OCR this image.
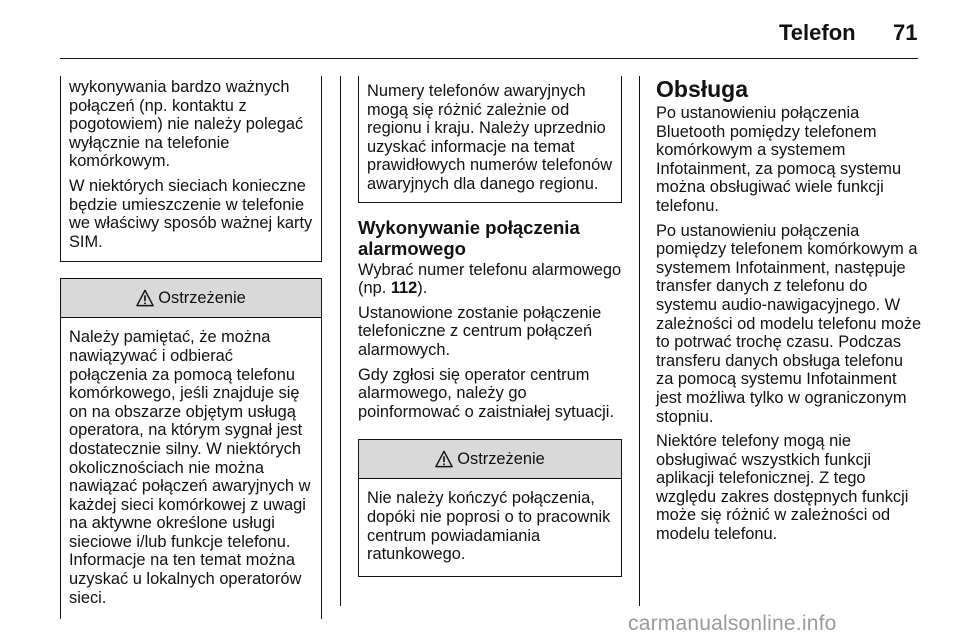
Telefon 71

wykonywania bardzo ważnych połączeń (np. kontaktu z pogotowiem) nie należy polegać wyłącznie na telefonie komórkowym.

W niektórych sieciach konieczne będzie umieszczenie w telefonie we właściwy sposób ważnej karty SIM.

Ostrzeżenie

Należy pamiętać, że można nawiązywać i odbierać połączenia za pomocą telefonu komórkowego, jeśli znajduje się on na obszarze objętym usługą operatora, na którym sygnał jest dostatecznie silny. W niektórych okolicznościach nie można nawiązać połączeń awaryjnych w każdej sieci komórkowej z uwagi na aktywne określone usługi sieciowe i/lub funkcje telefonu. Informacje na ten temat można uzyskać u lokalnych operatorów sieci.

Numery telefonów awaryjnych mogą się różnić zależnie od regionu i kraju. Należy uprzednio uzyskać informacje na temat prawidłowych numerów telefonów awaryjnych dla danego regionu.

Wykonywanie połączenia alarmowego

Wybrać numer telefonu alarmowego (np. 112).

Ustanowione zostanie połączenie telefoniczne z centrum połączeń alarmowych.

Gdy zgłosi się operator centrum alarmowego, należy go poinformować o zaistniałej sytuacji.

Ostrzeżenie

Nie należy kończyć połączenia, dopóki nie poprosi o to pracownik centrum powiadamiania ratunkowego.

Obsługa

Po ustanowieniu połączenia Bluetooth pomiędzy telefonem komórkowym a systemem Infotainment, za pomocą systemu można obsługiwać wiele funkcji telefonu.

Po ustanowieniu połączenia pomiędzy telefonem komórkowym a systemem Infotainment, następuje transfer danych z telefonu do systemu audio-nawigacyjnego. W zależności od modelu telefonu może to potrwać trochę czasu. Podczas transferu danych obsługa telefonu za pomocą systemu Infotainment jest możliwa tylko w ograniczonym stopniu.

Niektóre telefony mogą nie obsługiwać wszystkich funkcji aplikacji telefonicznej. Z tego względu zakres dostępnych funkcji może się różnić w zależności od modelu telefonu.

carmanualsonline.info
